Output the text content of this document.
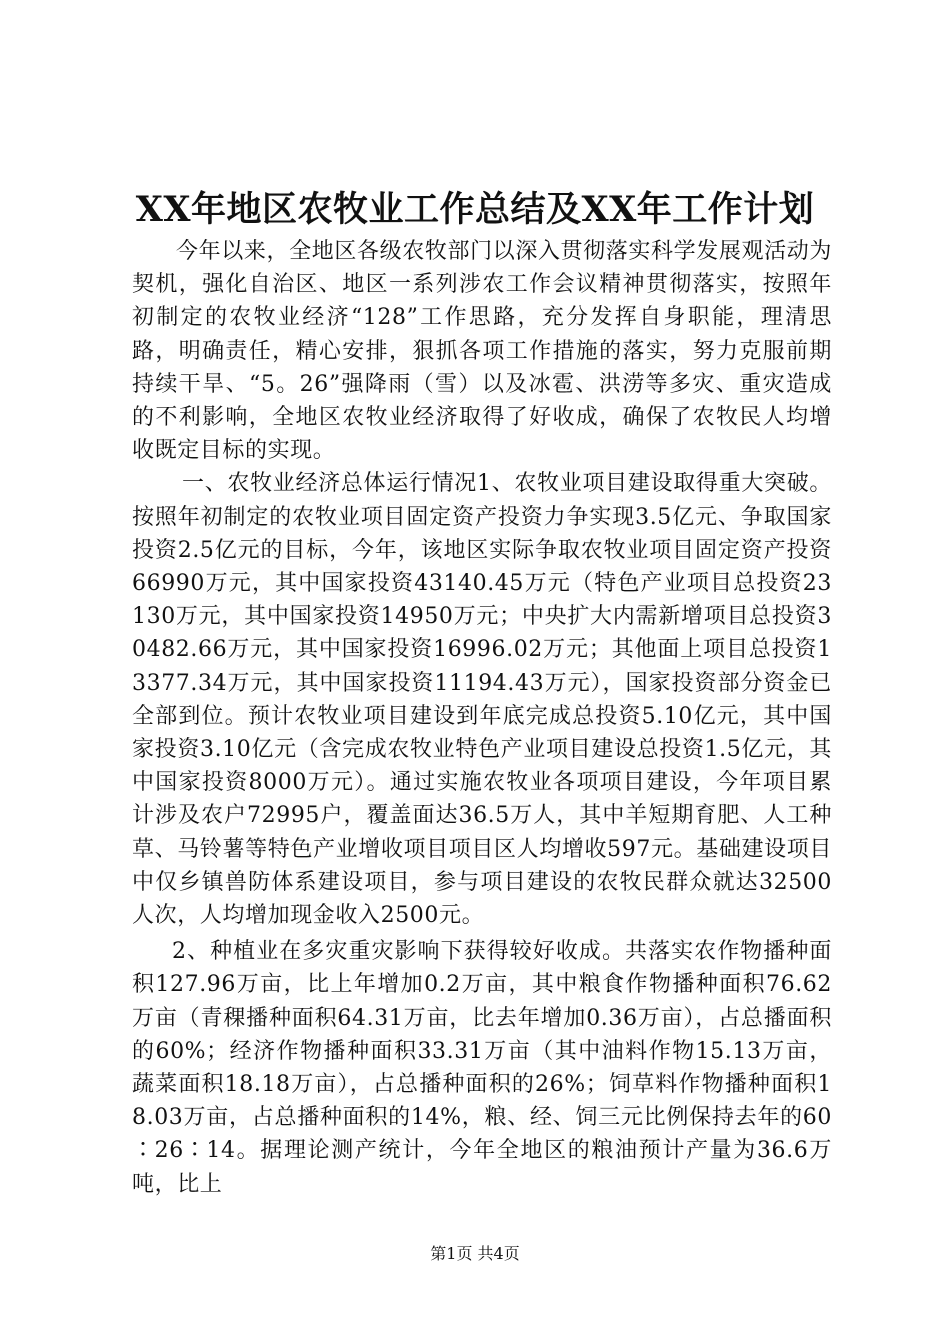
XX年地区农牧业工作总结及XX年工作计划

今年以来，全地区各级农牧部门以深入贯彻落实科学发展观活动为契机，强化自治区、地区一系列涉农工作会议精神贯彻落实，按照年初制定的农牧业经济“128”工作思路，充分发挥自身职能，理清思路，明确责任，精心安排，狠抓各项工作措施的落实，努力克服前期持续干旱、“5。26”强降雨（雪）以及冰雹、洪涝等多灾、重灾造成的不利影响，全地区农牧业经济取得了好收成，确保了农牧民人均增收既定目标的实现。

一、农牧业经济总体运行情况1、农牧业项目建设取得重大突破。按照年初制定的农牧业项目固定资产投资力争实现3.5亿元、争取国家投资2.5亿元的目标，今年，该地区实际争取农牧业项目固定资产投资66990万元，其中国家投资43140.45万元（特色产业项目总投资23130万元，其中国家投资14950万元；中央扩大内需新增项目总投资30482.66万元，其中国家投资16996.02万元；其他面上项目总投资13377.34万元，其中国家投资11194.43万元），国家投资部分资金已全部到位。预计农牧业项目建设到年底完成总投资5.10亿元，其中国家投资3.10亿元（含完成农牧业特色产业项目建设总投资1.5亿元，其中国家投资8000万元）。通过实施农牧业各项项目建设，今年项目累计涉及农户72995户，覆盖面达36.5万人，其中羊短期育肥、人工种草、马铃薯等特色产业增收项目项目区人均增收597元。基础建设项目中仅乡镇兽防体系建设项目，参与项目建设的农牧民群众就达32500人次，人均增加现金收入2500元。

2、种植业在多灾重灾影响下获得较好收成。共落实农作物播种面积127.96万亩，比上年增加0.2万亩，其中粮食作物播种面积76.62万亩（青稞播种面积64.31万亩，比去年增加0.36万亩），占总播面积的60%；经济作物播种面积33.31万亩（其中油料作物15.13万亩，蔬菜面积18.18万亩），占总播种面积的26%；饲草料作物播种面积18.03万亩，占总播种面积的14%，粮、经、饲三元比例保持去年的60∶26∶14。据理论测产统计，今年全地区的粮油预计产量为36.6万吨，比上

第1页 共4页
